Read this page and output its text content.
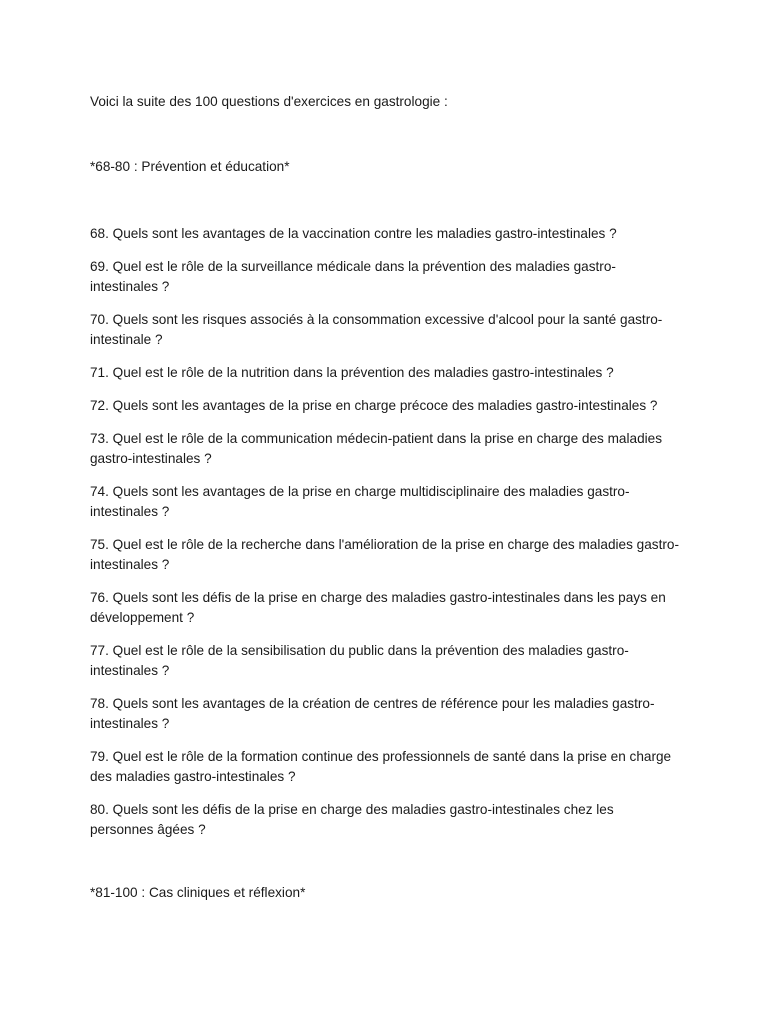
Voici la suite des 100 questions d'exercices en gastrologie :
*68-80 : Prévention et éducation*
68. Quels sont les avantages de la vaccination contre les maladies gastro-intestinales ?
69. Quel est le rôle de la surveillance médicale dans la prévention des maladies gastro-intestinales ?
70. Quels sont les risques associés à la consommation excessive d'alcool pour la santé gastro-intestinale ?
71. Quel est le rôle de la nutrition dans la prévention des maladies gastro-intestinales ?
72. Quels sont les avantages de la prise en charge précoce des maladies gastro-intestinales ?
73. Quel est le rôle de la communication médecin-patient dans la prise en charge des maladies gastro-intestinales ?
74. Quels sont les avantages de la prise en charge multidisciplinaire des maladies gastro-intestinales ?
75. Quel est le rôle de la recherche dans l'amélioration de la prise en charge des maladies gastro-intestinales ?
76. Quels sont les défis de la prise en charge des maladies gastro-intestinales dans les pays en développement ?
77. Quel est le rôle de la sensibilisation du public dans la prévention des maladies gastro-intestinales ?
78. Quels sont les avantages de la création de centres de référence pour les maladies gastro-intestinales ?
79. Quel est le rôle de la formation continue des professionnels de santé dans la prise en charge des maladies gastro-intestinales ?
80. Quels sont les défis de la prise en charge des maladies gastro-intestinales chez les personnes âgées ?
*81-100 : Cas cliniques et réflexion*
